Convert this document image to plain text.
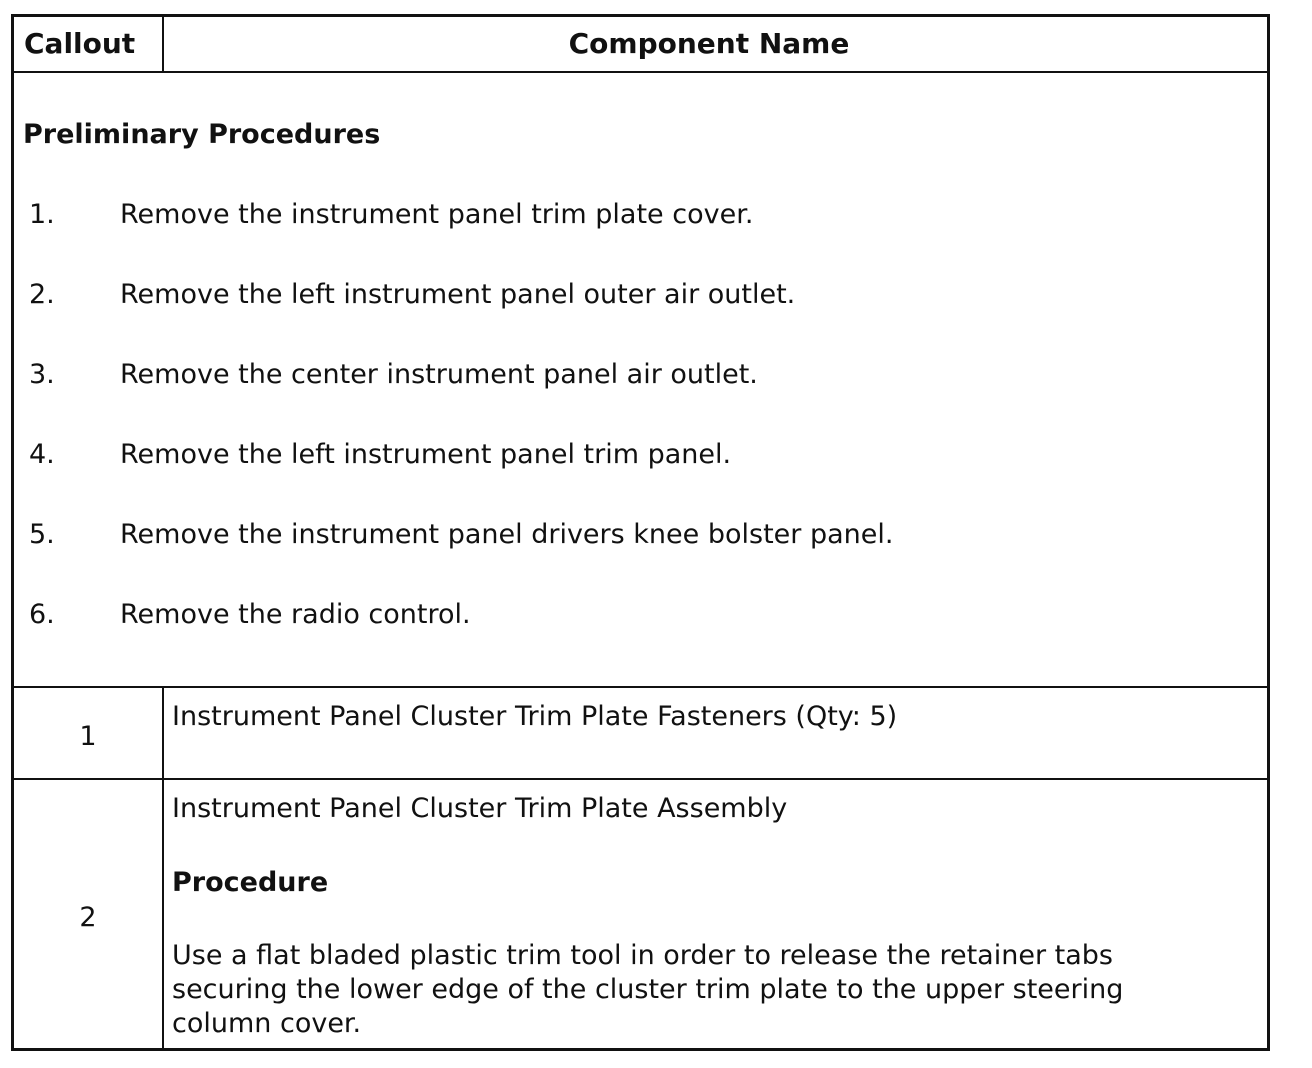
Callout	Component Name
Preliminary Procedures
1. Remove the instrument panel trim plate cover.
2. Remove the left instrument panel outer air outlet.
3. Remove the center instrument panel air outlet.
4. Remove the left instrument panel trim panel.
5. Remove the instrument panel drivers knee bolster panel.
6. Remove the radio control.
1
Instrument Panel Cluster Trim Plate Fasteners (Qty: 5)
2
Instrument Panel Cluster Trim Plate Assembly
Procedure
Use a flat bladed plastic trim tool in order to release the retainer tabs
securing the lower edge of the cluster trim plate to the upper steering
column cover.
